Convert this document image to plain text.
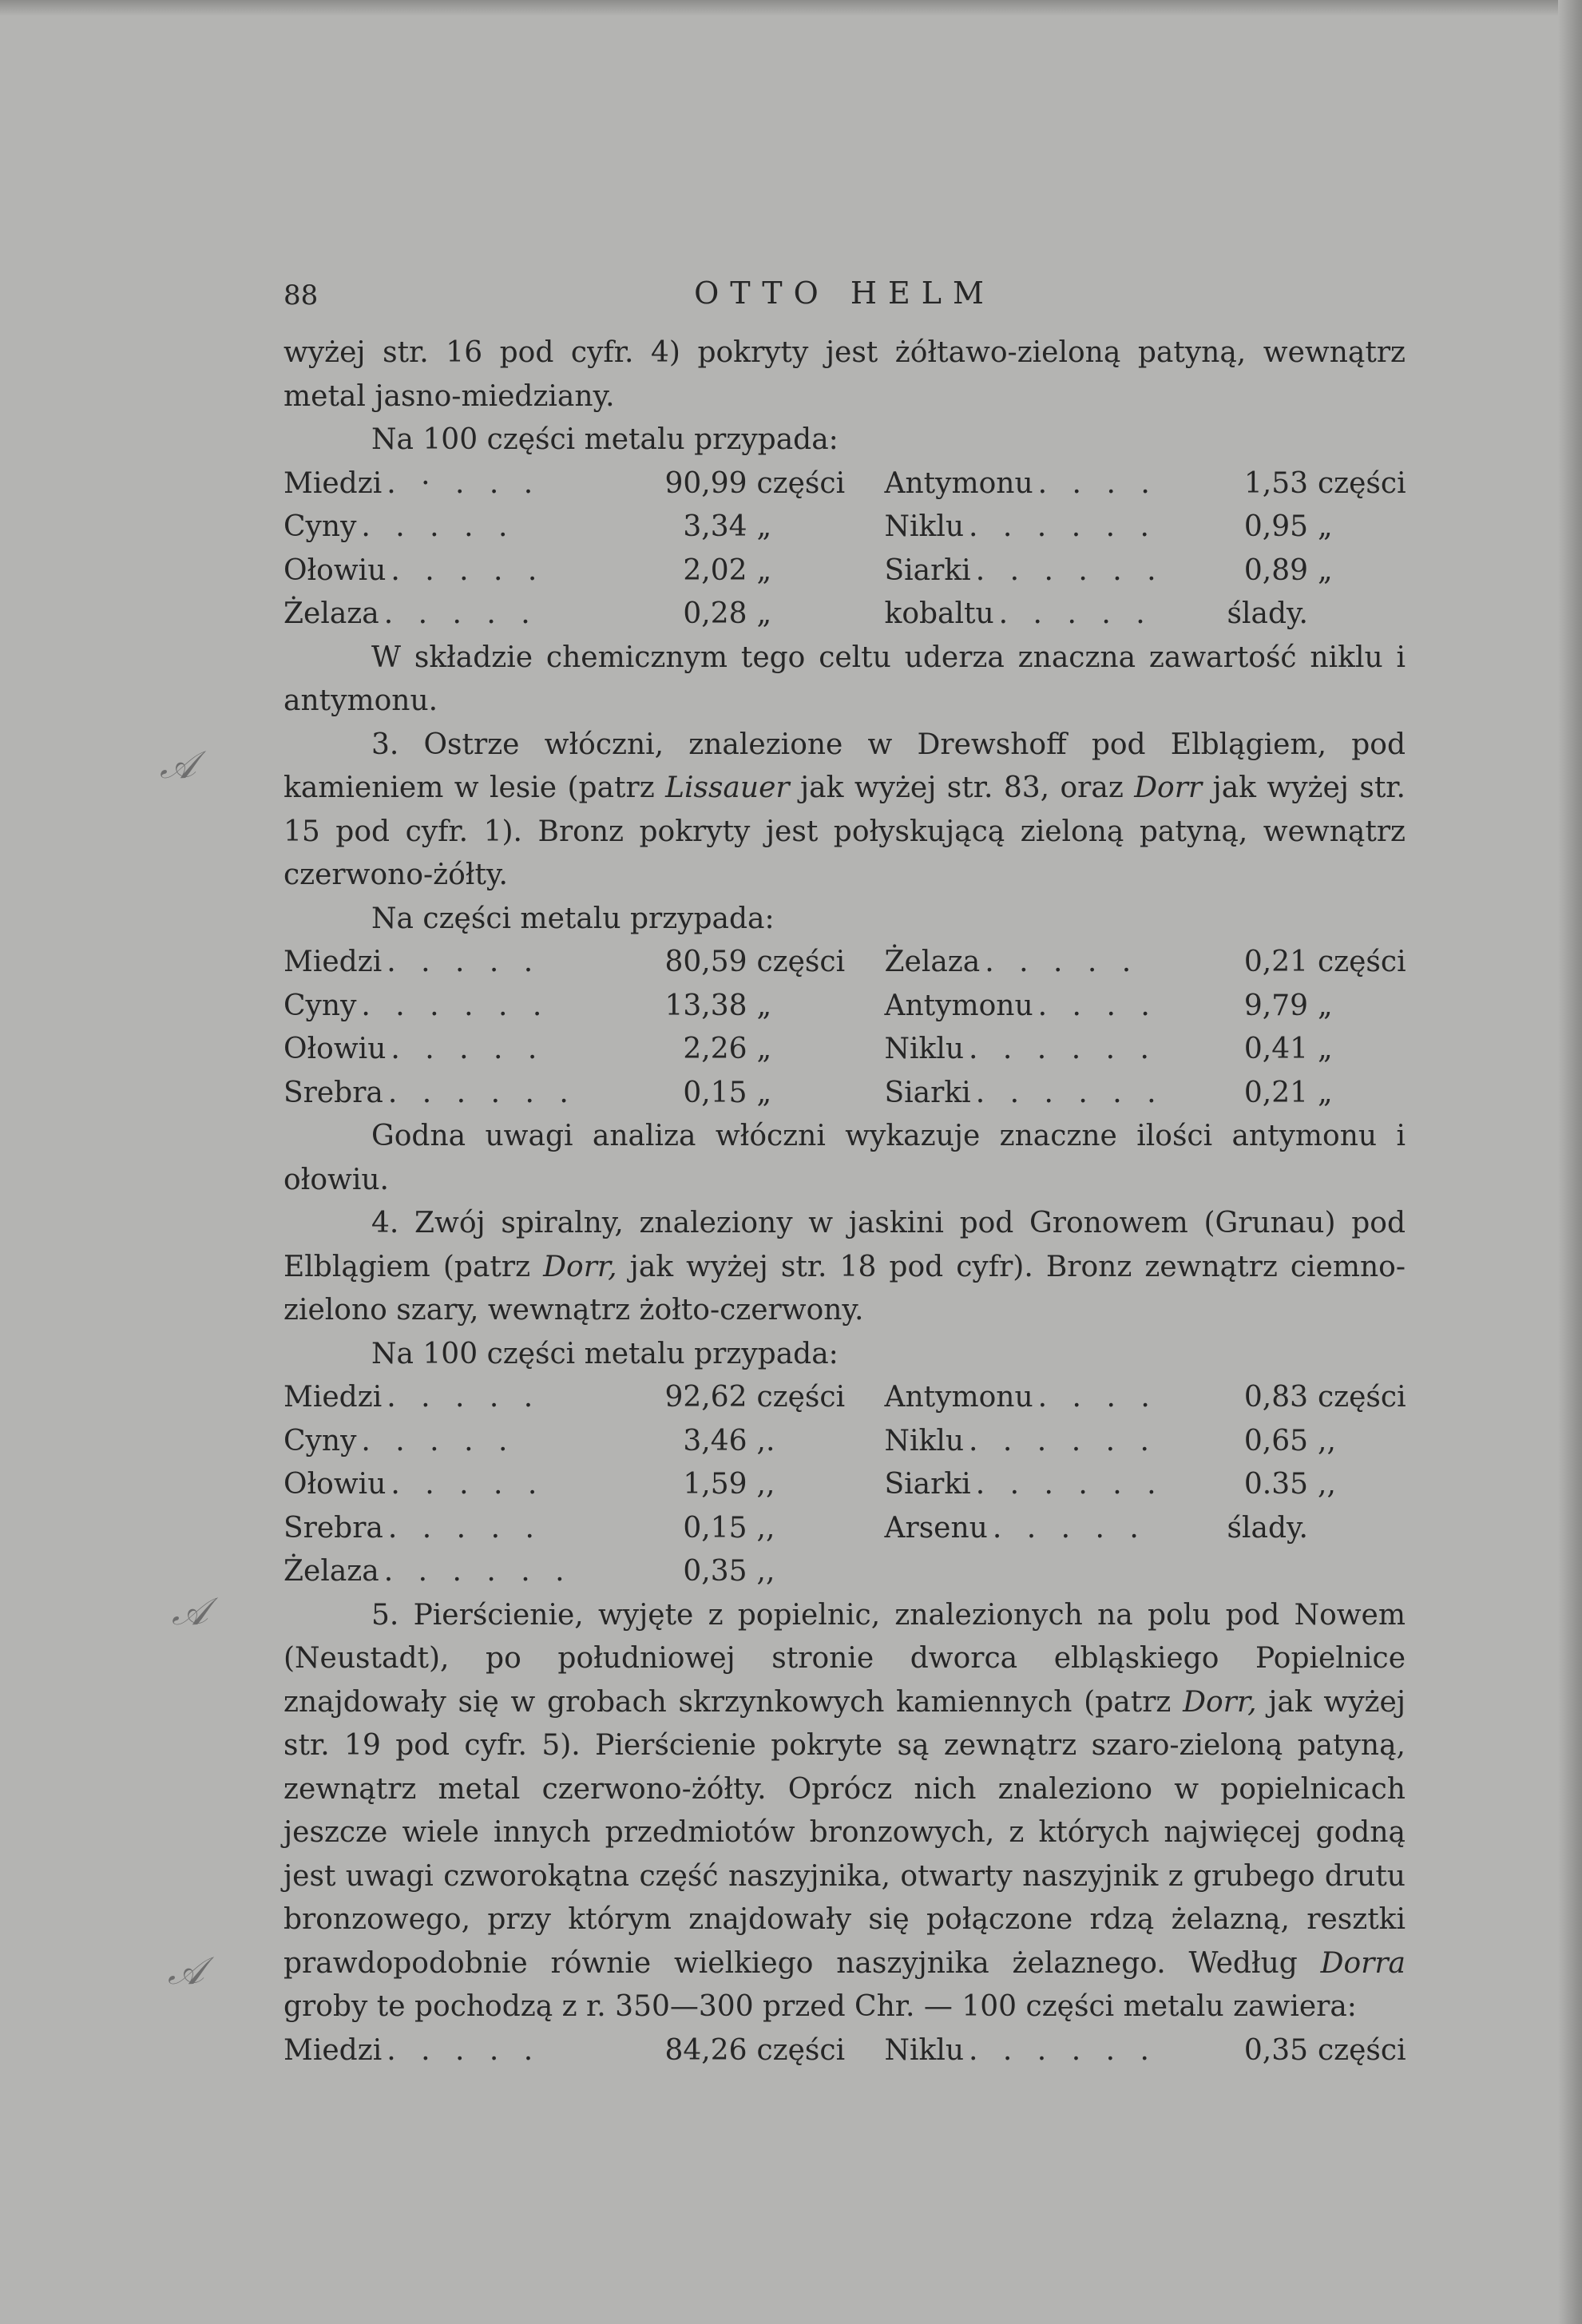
𝒜
𝒜
𝒜
88	OTTO HELM

wyżej str. 16 pod cyfr. 4) pokryty jest żółtawo-zieloną patyną, wewnątrz metal jasno-miedziany.

Na 100 części metalu przypada:

Miedzi . · . . .	90,99 części Antymonu . . . .	1,53 części
Cyny . . . . .	3,34 „	Niklu . . . . . .	0,95 „
Ołowiu . . . . .	2,02 „	Siarki . . . . . .	0,89 „
Żelaza . . . . .	0,28 „	kobaltu . . . . .	ślady.

W składzie chemicznym tego celtu uderza znaczna zawartość niklu i antymonu.

3. Ostrze włóczni, znalezione w Drewshoff pod Elblągiem, pod kamieniem w lesie (patrz Lissauer jak wyżej str. 83, oraz Dorr jak wyżej str. 15 pod cyfr. 1). Bronz pokryty jest połyskującą zieloną patyną, wewnątrz czerwono-żółty.

Na części metalu przypada:

Miedzi . . . . .	80,59 części Żelaza . . . . .	0,21 części
Cyny . . . . . .	13,38 „	Antymonu . . . .	9,79 „
Ołowiu . . . . .	2,26 „	Niklu . . . . . .	0,41 „
Srebra . . . . . .	0,15 „	Siarki . . . . . .	0,21 „

Godna uwagi analiza włóczni wykazuje znaczne ilości antymonu i ołowiu.

4. Zwój spiralny, znaleziony w jaskini pod Gronowem (Grunau) pod Elblągiem (patrz Dorr, jak wyżej str. 18 pod cyfr). Bronz zewnątrz ciemno-zielono szary, wewnątrz żołto-czerwony.

Na 100 części metalu przypada:

Miedzi . . . . .	92,62 części Antymonu . . . .	0,83 części
Cyny . . . . .	3,46 ,.	Niklu . . . . . .	0,65 ,,
Ołowiu . . . . .	1,59 ,,	Siarki . . . . . .	0.35 ,,
Srebra . . . . .	0,15 ,,	Arsenu . . . . .	ślady.
Żelaza . . . . . .	0,35 ,,

5. Pierścienie, wyjęte z popielnic, znalezionych na polu pod Nowem (Neustadt), po południowej stronie dworca elbląskiego Popielnice znajdowały się w grobach skrzynkowych kamiennych (patrz Dorr, jak wyżej str. 19 pod cyfr. 5). Pierścienie pokryte są zewnątrz szaro-zieloną patyną, zewnątrz metal czerwono-żółty. Oprócz nich znaleziono w popielnicach jeszcze wiele innych przedmiotów bronzowych, z których najwięcej godną jest uwagi czworokątna część naszyjnika, otwarty naszyjnik z grubego drutu bronzowego, przy którym znajdowały się połączone rdzą żelazną, resztki prawdopodobnie równie wielkiego naszyjnika żelaznego. Według Dorra groby te pochodzą z r. 350—300 przed Chr. — 100 części metalu zawiera:

Miedzi . . . . .	84,26 części Niklu . . . . . .	0,35 części
